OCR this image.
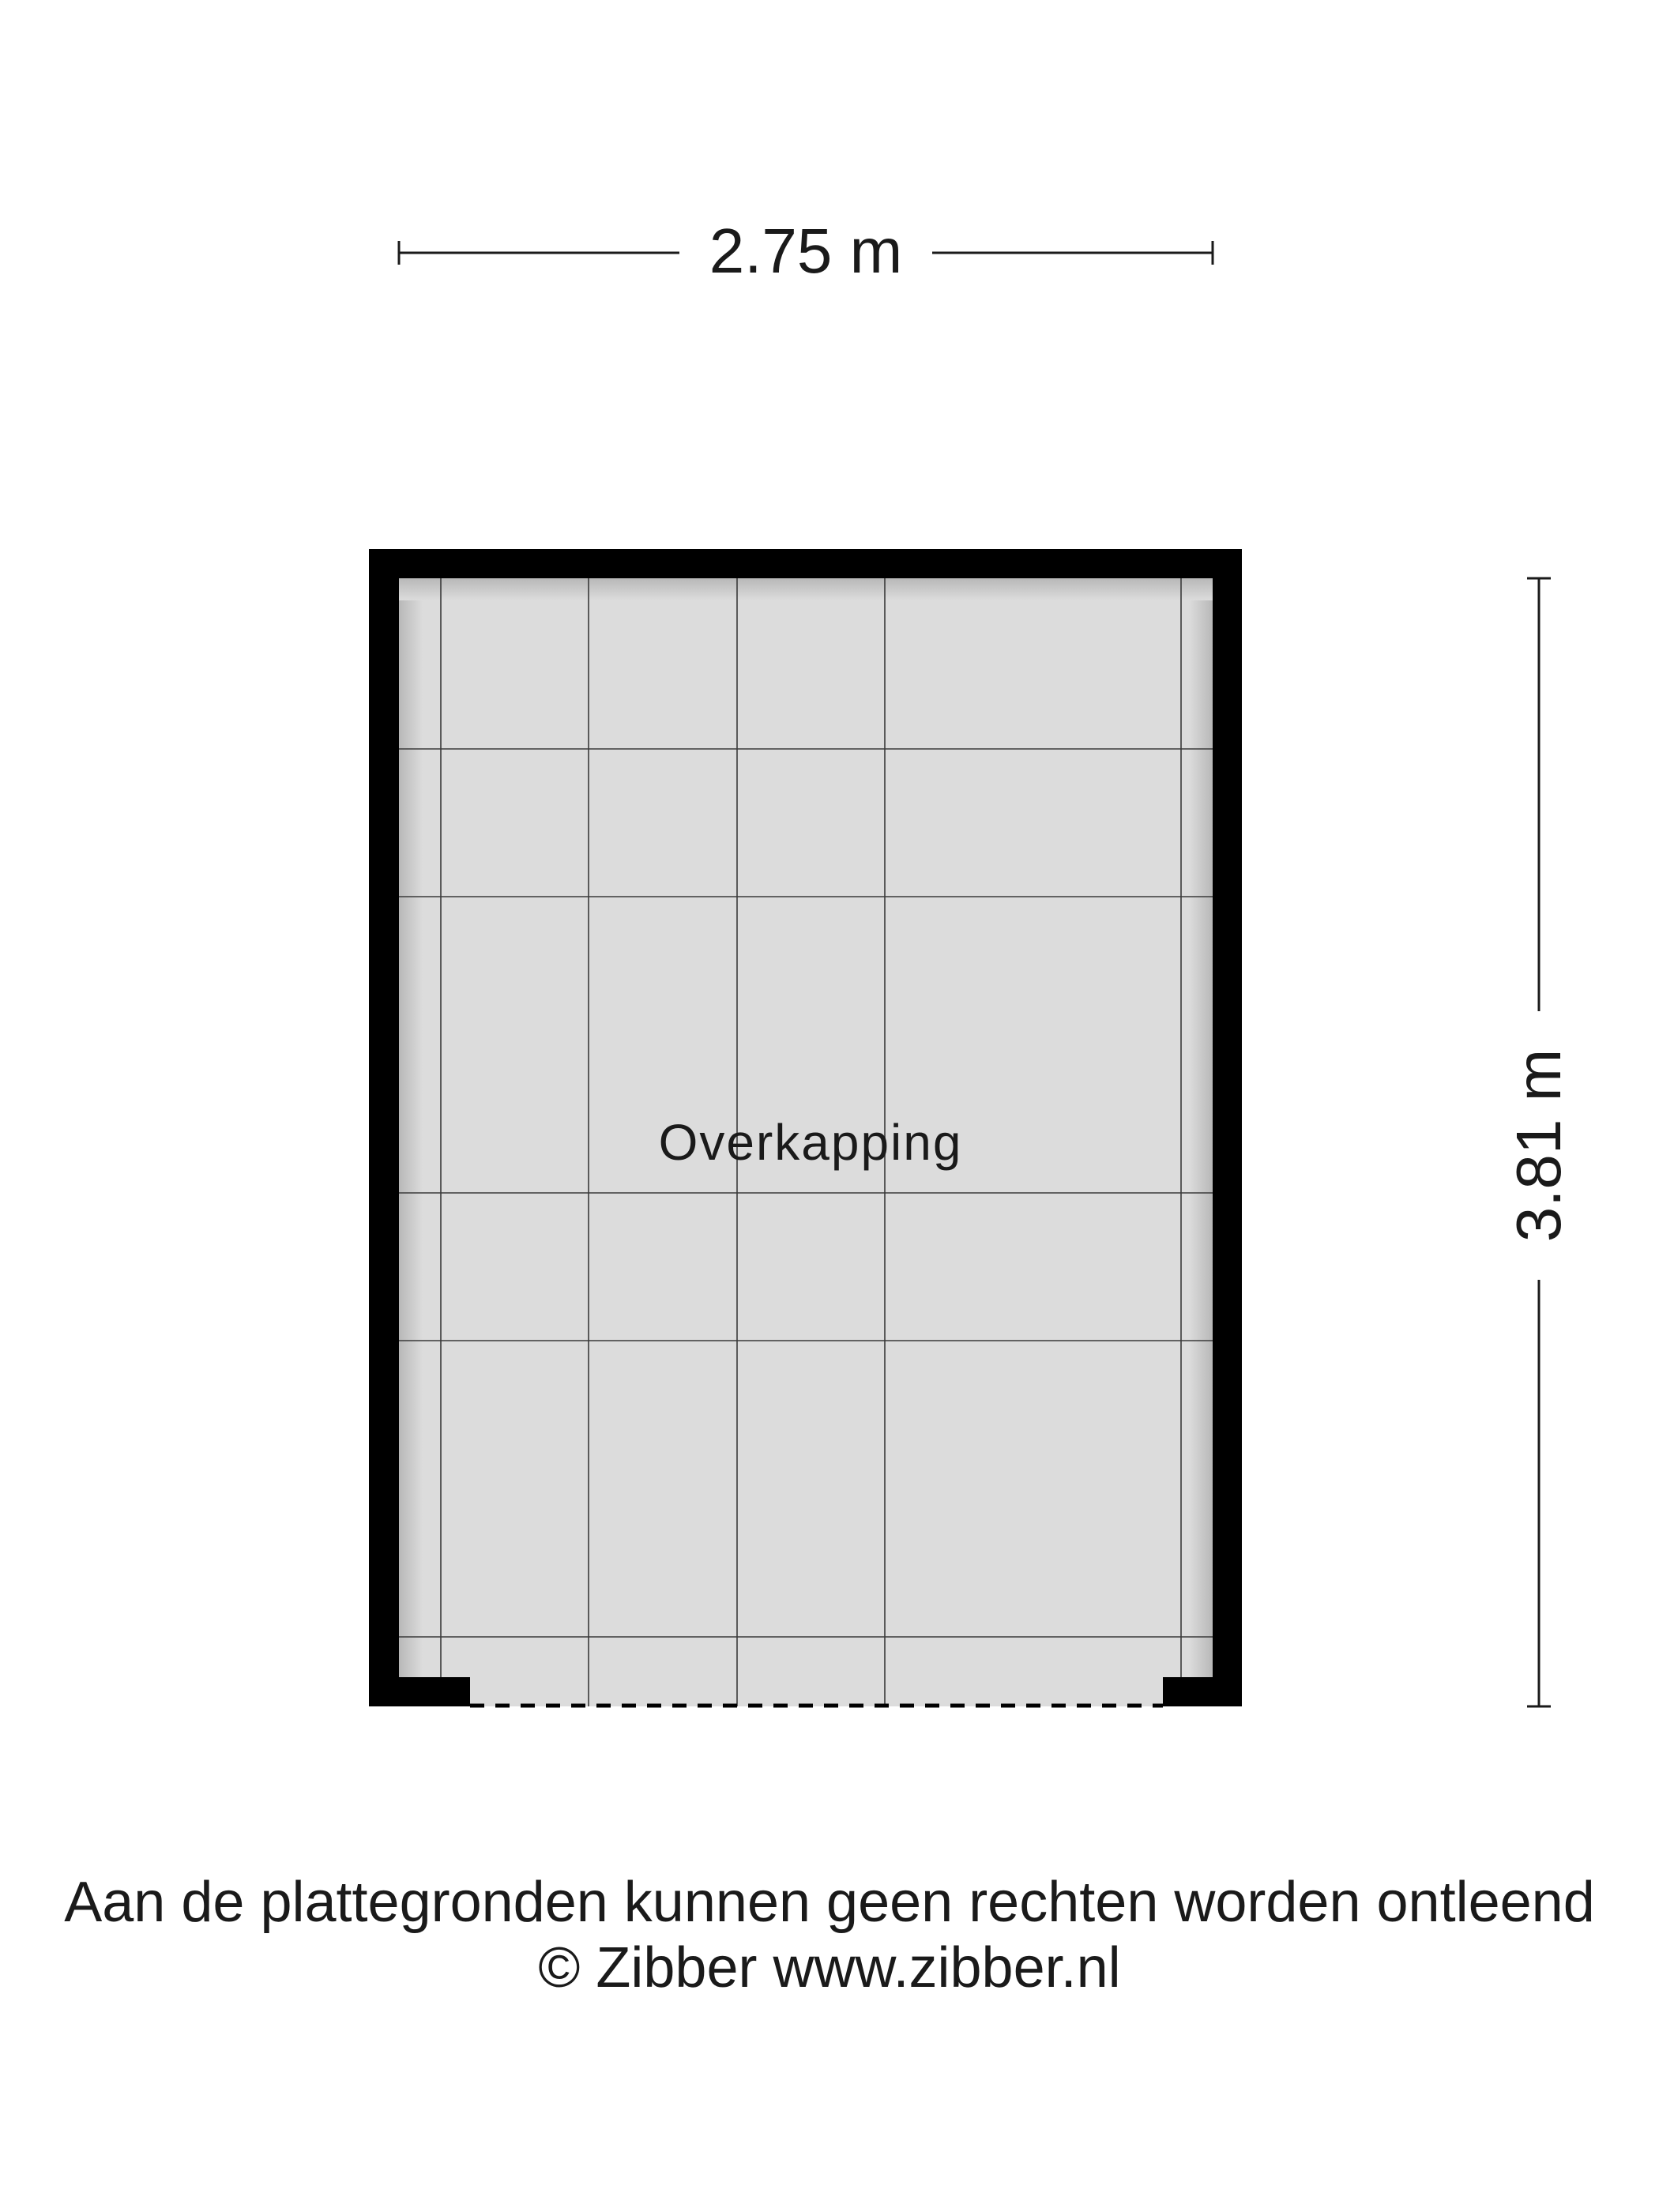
2.75 m
3.81 m
Overkapping
Aan de plattegronden kunnen geen rechten worden ontleend
© Zibber www.zibber.nl
